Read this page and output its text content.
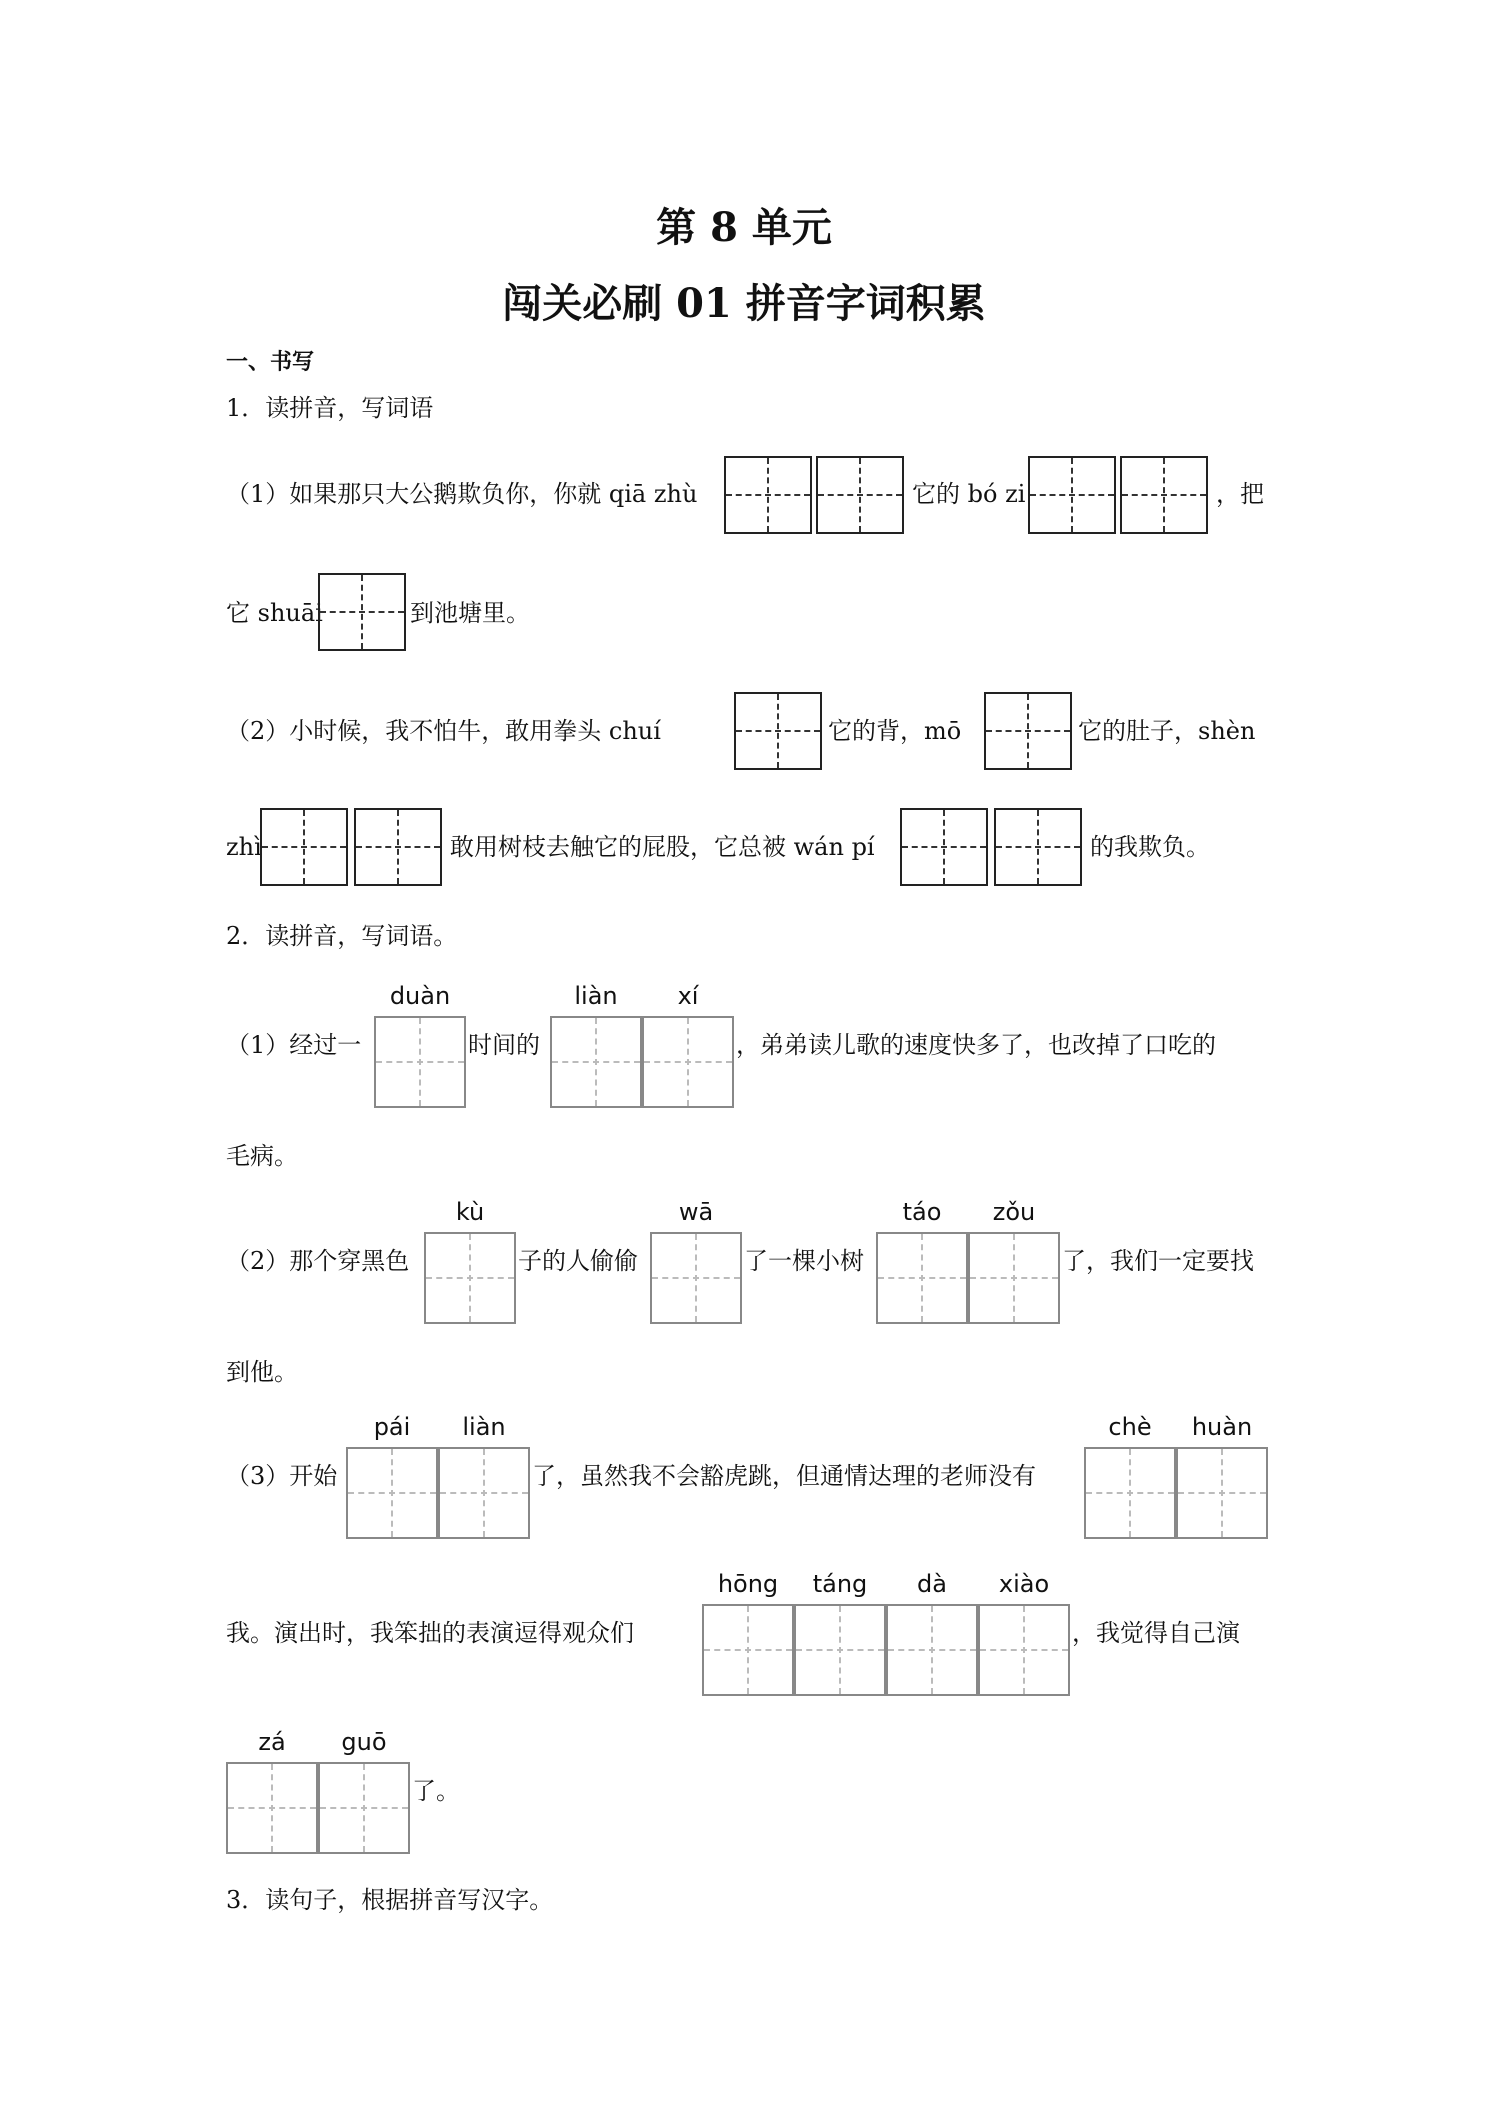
第 8 单元
闯关必刷 01 拼音字词积累
一、书写
1．读拼音，写词语
（1）如果那只大公鹅欺负你，你就 qiā zhù	它的 bó zi	，把
它 shuāi	到池塘里。
（2）小时候，我不怕牛，敢用拳头 chuí	它的背，mō	它的肚子，shèn
zhì	敢用树枝去触它的屁股，它总被 wán pí	的我欺负。
2．读拼音，写词语。
duàn	liàn	xí
（1）经过一	时间的	，弟弟读儿歌的速度快多了，也改掉了口吃的
毛病。
kù	wā	táo	zǒu
（2）那个穿黑色	子的人偷偷	了一棵小树	了，我们一定要找
到他。
pái	liàn	chè	huàn
（3）开始	了，虽然我不会豁虎跳，但通情达理的老师没有
hōng	táng	dà	xiào
我。演出时，我笨拙的表演逗得观众们	，我觉得自己演
zá	guō
了。
3．读句子，根据拼音写汉字。
